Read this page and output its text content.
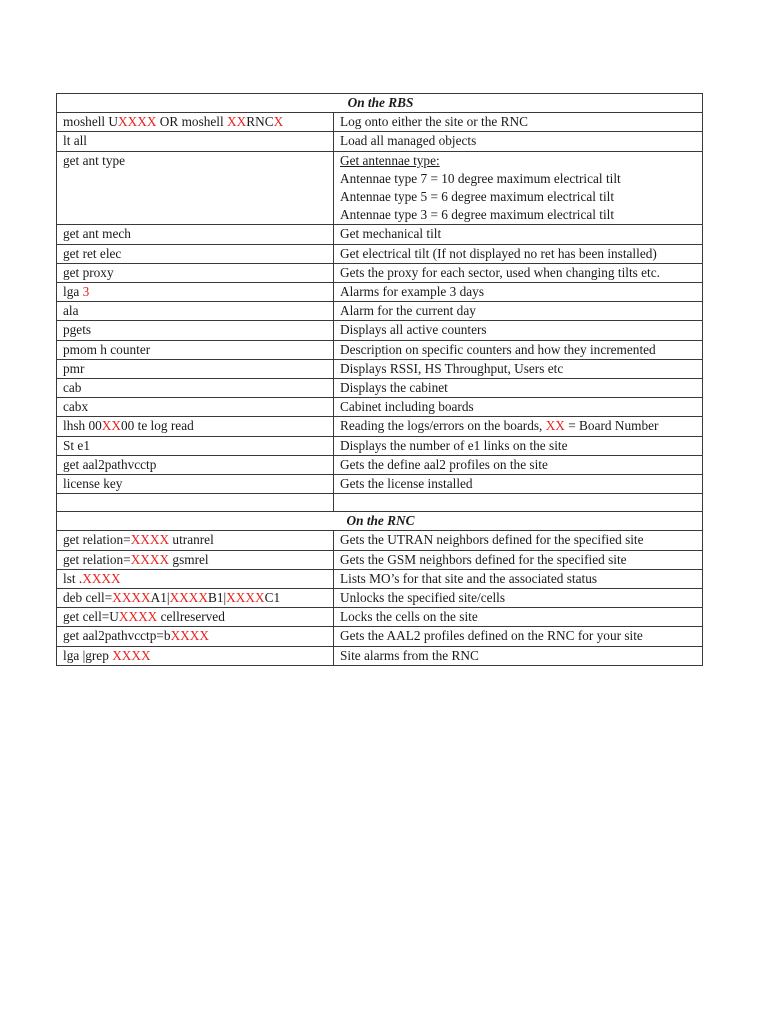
On the RBS	
moshell UXXXX OR moshell XXRNCX	Log onto either the site or the RNC
lt all	Load all managed objects
get ant type	Get antennae type:
Antennae type 7 = 10 degree maximum electrical tilt
Antennae type 5 = 6 degree maximum electrical tilt
Antennae type 3 = 6 degree maximum electrical tilt

get ant mech	Get mechanical tilt
get ret elec	Get electrical tilt (If not displayed no ret has been installed)
get proxy	Gets the proxy for each sector, used when changing tilts etc.
lga 3	Alarms for example 3 days
ala	Alarm for the current day
pgets	Displays all active counters
pmom h counter	Description on specific counters and how they incremented
pmr	Displays RSSI, HS Throughput, Users etc
cab	Displays the cabinet
cabx	Cabinet including boards
lhsh 00XX00 te log read	Reading the logs/errors on the boards, XX = Board Number
St e1	Displays the number of e1 links on the site
get aal2pathvcctp	Gets the define aal2 profiles on the site
license key	Gets the license installed

On the RNC	
get relation=XXXX utranrel	Gets the UTRAN neighbors defined for the specified site
get relation=XXXX gsmrel	Gets the GSM neighbors defined for the specified site
lst .XXXX	Lists MO’s for that site and the associated status
deb cell=XXXXA1|XXXXB1|XXXXC1	Unlocks the specified site/cells
get cell=UXXXX cellreserved	Locks the cells on the site
get aal2pathvcctp=bXXXX	Gets the AAL2 profiles defined on the RNC for your site
lga |grep XXXX	Site alarms from the RNC
